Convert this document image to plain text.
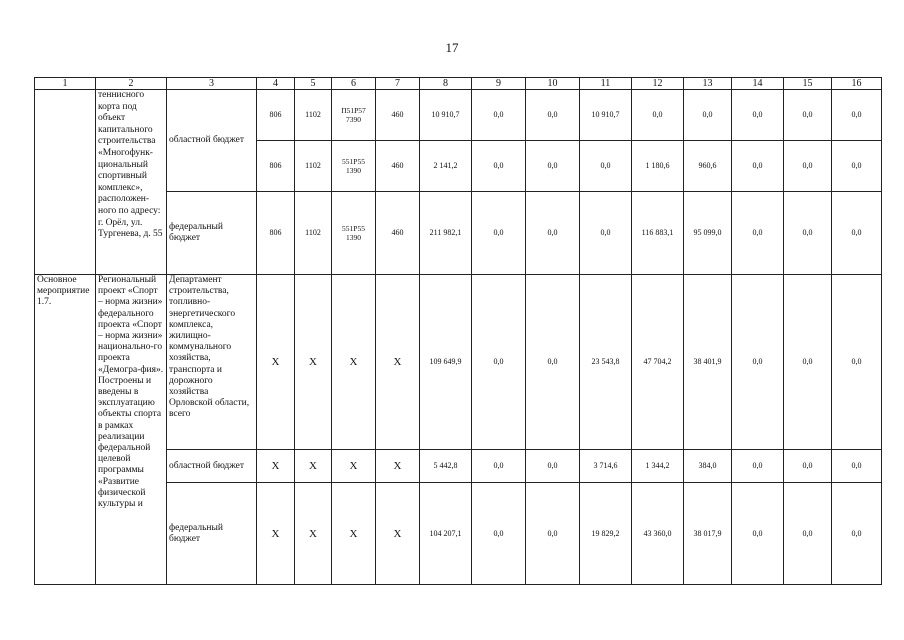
17
1	2	3	4	5	6	7	8	9	10	11	12	13	14	15	16
	теннисного корта под объект капитального строительства «Многофунк-циональный спортивный комплекс», расположен-ного по адресу: г. Орёл, ул. Тургенева, д. 55	областной бюджет	806	1102	П51Р57 7390	460	10 910,7	0,0	0,0	10 910,7	0,0	0,0	0,0	0,0	0,0
			806	1102	551Р55 1390	460	2 141,2	0,0	0,0	0,0	1 180,6	960,6	0,0	0,0	0,0
		федеральный бюджет	806	1102	551Р55 1390	460	211 982,1	0,0	0,0	0,0	116 883,1	95 099,0	0,0	0,0	0,0
Основное мероприятие 1.7.	Региональный проект «Спорт – норма жизни» федерального проекта «Спорт – норма жизни» национально-го проекта «Демогра-фия». Построены и введены в эксплуатацию объекты спорта в рамках реализации федеральной целевой программы «Развитие физической культуры и	Департамент строительства, топливно-энергетического комплекса, жилищно-коммунального хозяйства, транспорта и дорожного хозяйства Орловской области, всего	X	X	X	X	109 649,9	0,0	0,0	23 543,8	47 704,2	38 401,9	0,0	0,0	0,0
		областной бюджет	X	X	X	X	5 442,8	0,0	0,0	3 714,6	1 344,2	384,0	0,0	0,0	0,0
		федеральный бюджет	X	X	X	X	104 207,1	0,0	0,0	19 829,2	43 360,0	38 017,9	0,0	0,0	0,0
